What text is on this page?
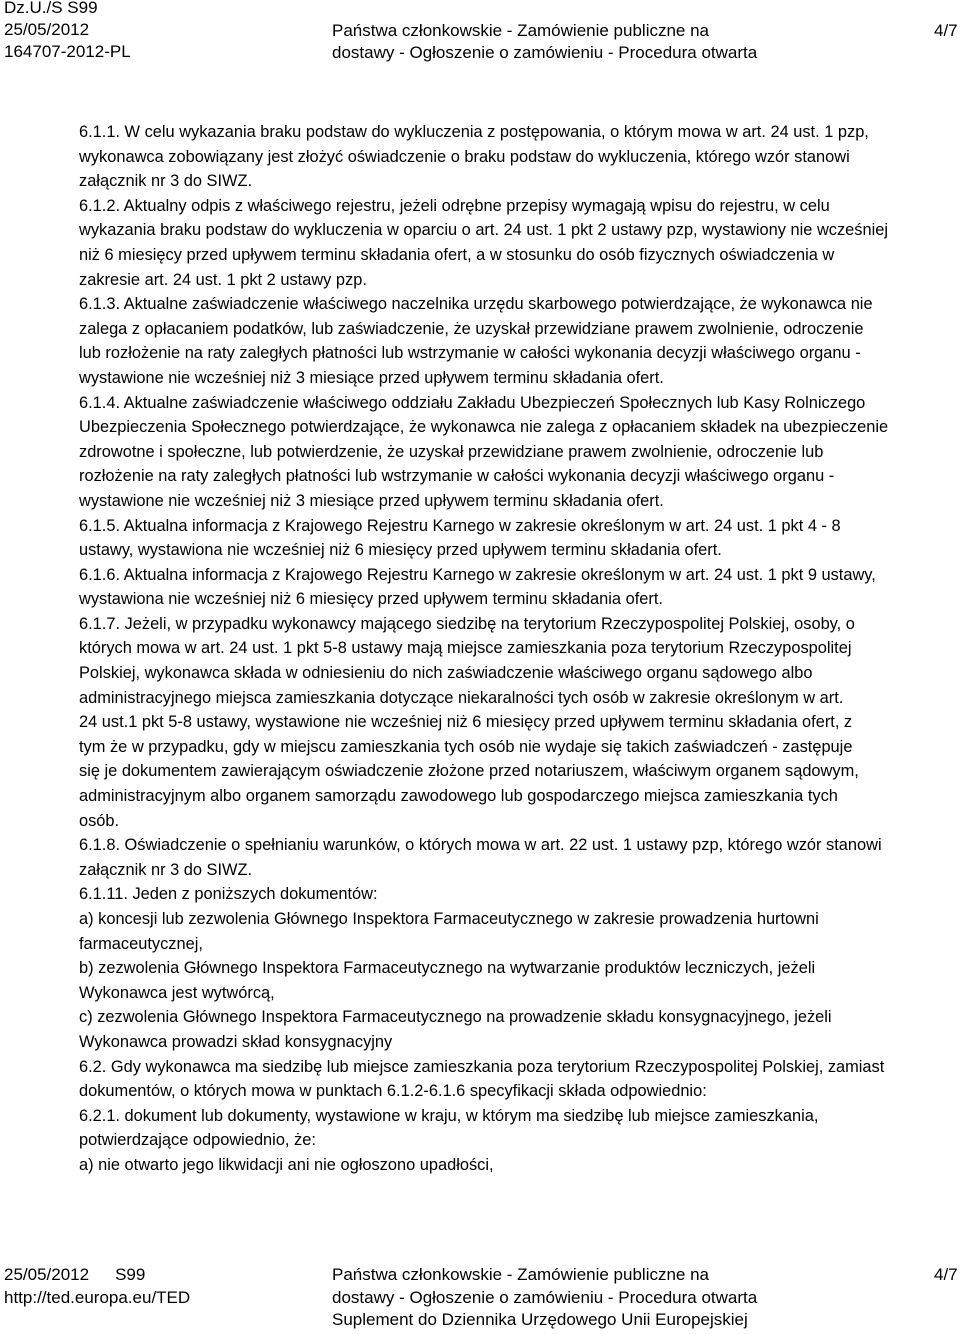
Dz.U./S S99
25/05/2012
164707-2012-PL
Państwa członkowskie - Zamówienie publiczne na
dostawy - Ogłoszenie o zamówieniu - Procedura otwarta
4/7

6.1.1. W celu wykazania braku podstaw do wykluczenia z postępowania, o którym mowa w art. 24 ust. 1 pzp,
wykonawca zobowiązany jest złożyć oświadczenie o braku podstaw do wykluczenia, którego wzór stanowi
załącznik nr 3 do SIWZ.

6.1.2. Aktualny odpis z właściwego rejestru, jeżeli odrębne przepisy wymagają wpisu do rejestru, w celu
wykazania braku podstaw do wykluczenia w oparciu o art. 24 ust. 1 pkt 2 ustawy pzp, wystawiony nie wcześniej
niż 6 miesięcy przed upływem terminu składania ofert, a w stosunku do osób fizycznych oświadczenia w
zakresie art. 24 ust. 1 pkt 2 ustawy pzp.

6.1.3. Aktualne zaświadczenie właściwego naczelnika urzędu skarbowego potwierdzające, że wykonawca nie
zalega z opłacaniem podatków, lub zaświadczenie, że uzyskał przewidziane prawem zwolnienie, odroczenie
lub rozłożenie na raty zaległych płatności lub wstrzymanie w całości wykonania decyzji właściwego organu -
wystawione nie wcześniej niż 3 miesiące przed upływem terminu składania ofert.

6.1.4. Aktualne zaświadczenie właściwego oddziału Zakładu Ubezpieczeń Społecznych lub Kasy Rolniczego
Ubezpieczenia Społecznego potwierdzające, że wykonawca nie zalega z opłacaniem składek na ubezpieczenie
zdrowotne i społeczne, lub potwierdzenie, że uzyskał przewidziane prawem zwolnienie, odroczenie lub
rozłożenie na raty zaległych płatności lub wstrzymanie w całości wykonania decyzji właściwego organu -
wystawione nie wcześniej niż 3 miesiące przed upływem terminu składania ofert.

6.1.5. Aktualna informacja z Krajowego Rejestru Karnego w zakresie określonym w art. 24 ust. 1 pkt 4 - 8
ustawy, wystawiona nie wcześniej niż 6 miesięcy przed upływem terminu składania ofert.

6.1.6. Aktualna informacja z Krajowego Rejestru Karnego w zakresie określonym w art. 24 ust. 1 pkt 9 ustawy,
wystawiona nie wcześniej niż 6 miesięcy przed upływem terminu składania ofert.

6.1.7. Jeżeli, w przypadku wykonawcy mającego siedzibę na terytorium Rzeczypospolitej Polskiej, osoby, o
których mowa w art. 24 ust. 1 pkt 5-8 ustawy mają miejsce zamieszkania poza terytorium Rzeczypospolitej
Polskiej, wykonawca składa w odniesieniu do nich zaświadczenie właściwego organu sądowego albo
administracyjnego miejsca zamieszkania dotyczące niekaralności tych osób w zakresie określonym w art.
24 ust.1 pkt 5-8 ustawy, wystawione nie wcześniej niż 6 miesięcy przed upływem terminu składania ofert, z
tym że w przypadku, gdy w miejscu zamieszkania tych osób nie wydaje się takich zaświadczeń - zastępuje
się je dokumentem zawierającym oświadczenie złożone przed notariuszem, właściwym organem sądowym,
administracyjnym albo organem samorządu zawodowego lub gospodarczego miejsca zamieszkania tych
osób.

6.1.8. Oświadczenie o spełnianiu warunków, o których mowa w art. 22 ust. 1 ustawy pzp, którego wzór stanowi
załącznik nr 3 do SIWZ.

6.1.11. Jeden z poniższych dokumentów:

a) koncesji lub zezwolenia Głównego Inspektora Farmaceutycznego w zakresie prowadzenia hurtowni
farmaceutycznej,

b) zezwolenia Głównego Inspektora Farmaceutycznego na wytwarzanie produktów leczniczych, jeżeli
Wykonawca jest wytwórcą,

c) zezwolenia Głównego Inspektora Farmaceutycznego na prowadzenie składu konsygnacyjnego, jeżeli
Wykonawca prowadzi skład konsygnacyjny

6.2. Gdy wykonawca ma siedzibę lub miejsce zamieszkania poza terytorium Rzeczypospolitej Polskiej, zamiast
dokumentów, o których mowa w punktach 6.1.2-6.1.6 specyfikacji składa odpowiednio:

6.2.1. dokument lub dokumenty, wystawione w kraju, w którym ma siedzibę lub miejsce zamieszkania,
potwierdzające odpowiednio, że:

a) nie otwarto jego likwidacji ani nie ogłoszono upadłości,

25/05/2012 S99
http://ted.europa.eu/TED
Państwa członkowskie - Zamówienie publiczne na
dostawy - Ogłoszenie o zamówieniu - Procedura otwarta
Suplement do Dziennika Urzędowego Unii Europejskiej
4/7
